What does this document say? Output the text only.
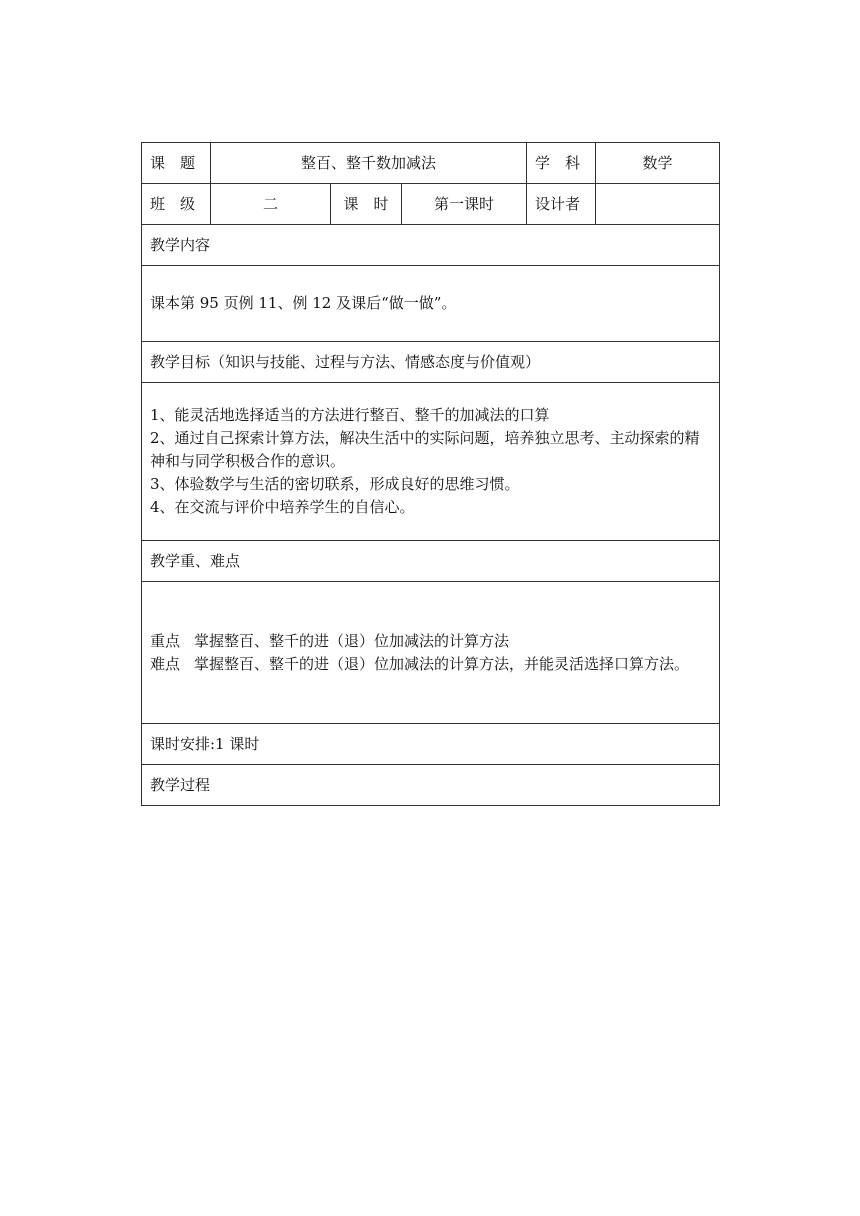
课　题	整百、整千数加减法			学　科	数学
班　级	二	课　时	第一课时	设计者	
教学内容					
课本第 95 页例 11、例 12 及课后“做一做”。					
教学目标（知识与技能、过程与方法、情感态度与价值观）					

1、能灵活地选择适当的方法进行整百、整千的加减法的口算
2、通过自己探索计算方法，解决生活中的实际问题，培养独立思考、主动探索的精神和与同学积极合作的意识。
3、体验数学与生活的密切联系，形成良好的思维习惯。
4、在交流与评价中培养学生的自信心。					

教学重、难点					

重点 掌握整百、整千的进（退）位加减法的计算方法
难点 掌握整百、整千的进（退）位加减法的计算方法，并能灵活选择口算方法。					

课时安排:1 课时					
教学过程					
